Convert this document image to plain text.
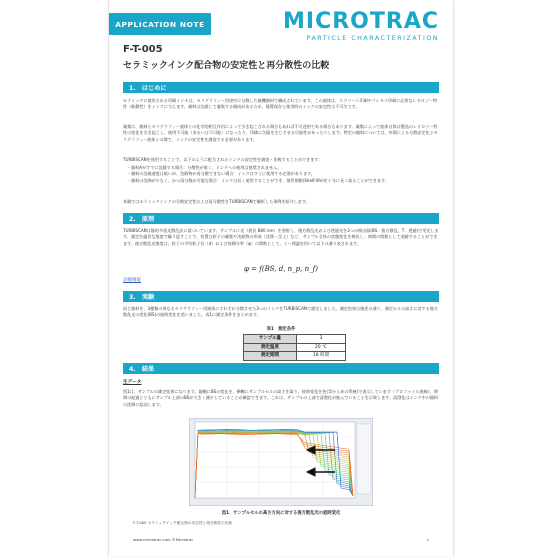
APPLICATION NOTE	MICROTRAC
PARTICLE CHARACTERIZATION
F-T-005
セラミックインク配合物の安定性と再分散性の比較
1.　はじめに
セラミックに使用される印刷インキは、セリグラフィー用途中に分散した無機顔料で構成されています。この液体は、スクリーン印刷やフレキソ印刷に必要なレオロジー特性（粘動性）をインクに与えます。顔料は沈殿して凝集する傾向があるため、静置保存と使用時のインクの安定性は不可欠です。
凝集は、顔料とセリグラフィー液体との化学的相互作用によって引き起こされる場合もあれば不可逆的である場合もあります。凝集によって液体自体は製品のレオロジー特性の変化を引き起こし、使用不可能（あるいは不可能）になったり、印刷に欠陥を生じさせる可能性があったりします。特定の顔料については、外場による分散安定化とセリグラフィー液体との関で、インクの安定性を調査する必要があります。
TURBISCANを使用することで、以下のように配合されたインクの安定性を調査・比較することができます：
・顔料Aがすでに沈殿する場合：分散性が低く、インクへの使用は推奨されません。
・顔料の沈殿速度は低いが、沈殿物が再分散できない場合：インクはすぐに使用する必要があります。
・顔料の沈降が少なく、かつ再分散が可能な場合：インクは長く使用することができ、保管期限(Shelf-life)を十分に長く取ることができます。
本稿ではセラミックインクの分散安定性および再分散性をTURBISCANで解析した事例を紹介します。
2.　原理
TURBISCANは静的多重光散乱法に基づいています。サンプルに光（波長 880 nm）を照射し、後方散乱光および透過光を2つの検出器(BS：後方散乱、T：透過)で受光します。測定を適切な頻度で繰り返すことで、装置は粒子の凝集や沈殿物の形成（沈降・浮上）など、サンプル全体の状態変化を検出し、時間の関数として追跡することができます。後方散乱光強度は、粒子の平均粒子径（d）および体積分率（φ）の関数として、ミー理論を用いて以下の通り表されます。
φ = f(BS, d, n_p, n_f)
詳細情報
3.　実験
同じ顔料を、3種類の異なるセリグラフィー用液体にそれぞれ分散させた3つのインクをTURBISCANで測定しました。測定結果は後述の通り、測定セルの高さに対する後方散乱光の変化(BS)の経時変化を追いました。表1に測定条件をまとめます。
表1　測定条件
サンプル量	3
測定温度	20 ℃
測定期間	18 時間
4.　結果
生データ
図1は、サンプルの測定結果になります。縦軸にBSの変化を、横軸にサンプルセルの高さを取り、経時変化を色(青から赤の系統)で表示しています（プロファイル曲線）。時間の経過とともにサンプル上部のBSが大きく減少していることが確認できます。これは、サンプルの上部で清澄化が進んでいることを示唆します。清澄化はインク中の顔料の沈降に起因します。
図1．サンプルセルの高さ方向に対する後方散乱光の経時変化
F-T-005 セラミックインク配合物の安定性と再分散性の比較
www.microtrac.com ©Microtrac	1
